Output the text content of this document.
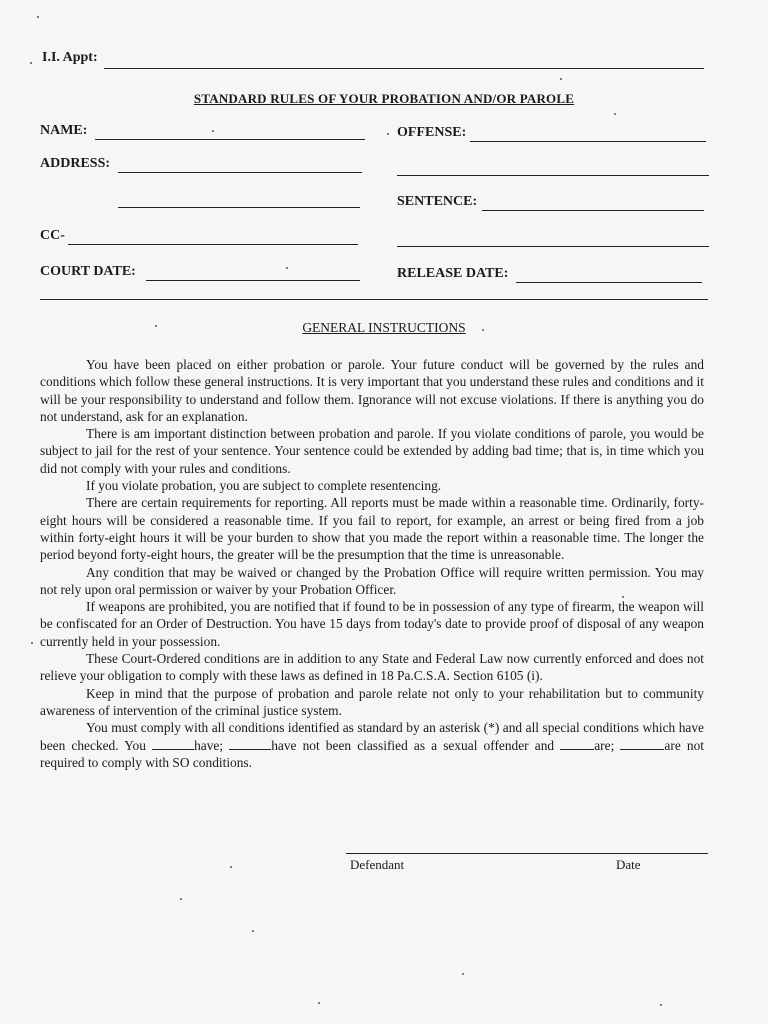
I.I. Appt:
STANDARD RULES OF YOUR PROBATION AND/OR PAROLE
NAME:	OFFENSE:
ADDRESS:
SENTENCE:
CC-
COURT DATE:	RELEASE DATE:
GENERAL INSTRUCTIONS

You have been placed on either probation or parole. Your future conduct will be governed by the rules and conditions which follow these general instructions. It is very important that you understand these rules and conditions and it will be your responsibility to understand and follow them. Ignorance will not excuse violations. If there is anything you do not understand, ask for an explanation.

There is am important distinction between probation and parole. If you violate conditions of parole, you would be subject to jail for the rest of your sentence. Your sentence could be extended by adding bad time; that is, in time which you did not comply with your rules and conditions.

If you violate probation, you are subject to complete resentencing.

There are certain requirements for reporting. All reports must be made within a reasonable time. Ordinarily, forty-eight hours will be considered a reasonable time. If you fail to report, for example, an arrest or being fired from a job within forty-eight hours it will be your burden to show that you made the report within a reasonable time. The longer the period beyond forty-eight hours, the greater will be the presumption that the time is unreasonable.

Any condition that may be waived or changed by the Probation Office will require written permission. You may not rely upon oral permission or waiver by your Probation Officer.

If weapons are prohibited, you are notified that if found to be in possession of any type of firearm, the weapon will be confiscated for an Order of Destruction. You have 15 days from today's date to provide proof of disposal of any weapon currently held in your possession.

These Court-Ordered conditions are in addition to any State and Federal Law now currently enforced and does not relieve your obligation to comply with these laws as defined in 18 Pa.C.S.A. Section 6105 (i).

Keep in mind that the purpose of probation and parole relate not only to your rehabilitation but to community awareness of intervention of the criminal justice system.

You must comply with all conditions identified as standard by an asterisk (*) and all special conditions which have been checked. You	have;	have not been classified as a sexual offender and	are;	are not required to comply with SO conditions.

Defendant	Date
